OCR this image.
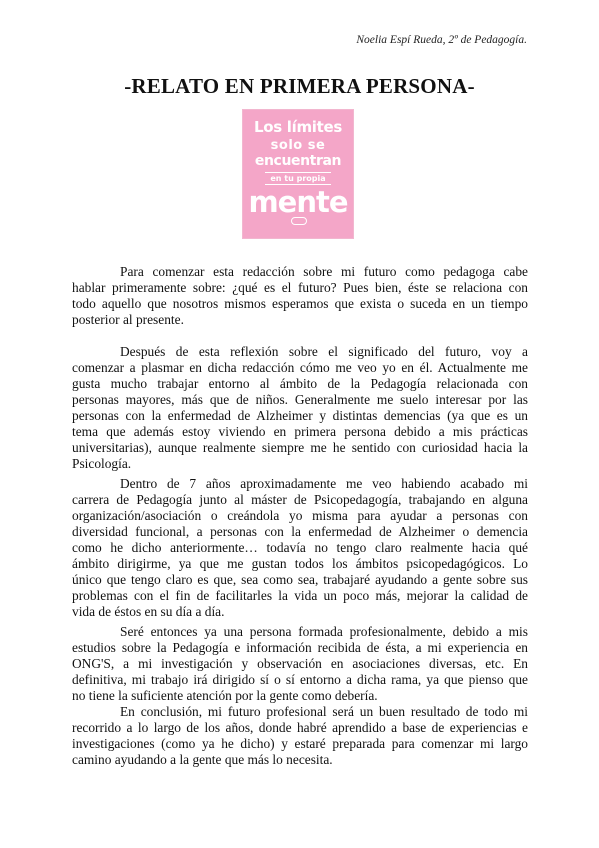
Noelia Espí Rueda, 2º de Pedagogía.
-RELATO EN PRIMERA PERSONA-
Los límites
solo se
encuentran
en tu propia
mente
Para comenzar esta redacción sobre mi futuro como pedagoga cabe
hablar primeramente sobre: ¿qué es el futuro? Pues bien, éste se relaciona con
todo aquello que nosotros mismos esperamos que exista o suceda en un tiempo
posterior al presente.
Después de esta reflexión sobre el significado del futuro, voy a
comenzar a plasmar en dicha redacción cómo me veo yo en él. Actualmente me
gusta mucho trabajar entorno al ámbito de la Pedagogía relacionada con
personas mayores, más que de niños. Generalmente me suelo interesar por las
personas con la enfermedad de Alzheimer y distintas demencias (ya que es un
tema que además estoy viviendo en primera persona debido a mis prácticas
universitarias), aunque realmente siempre me he sentido con curiosidad hacia la
Psicología.
Dentro de 7 años aproximadamente me veo habiendo acabado mi
carrera de Pedagogía junto al máster de Psicopedagogía, trabajando en alguna
organización/asociación o creándola yo misma para ayudar a personas con
diversidad funcional, a personas con la enfermedad de Alzheimer o demencia
como he dicho anteriormente… todavía no tengo claro realmente hacia qué
ámbito dirigirme, ya que me gustan todos los ámbitos psicopedagógicos. Lo
único que tengo claro es que, sea como sea, trabajaré ayudando a gente sobre sus
problemas con el fin de facilitarles la vida un poco más, mejorar la calidad de
vida de éstos en su día a día.
Seré entonces ya una persona formada profesionalmente, debido a mis
estudios sobre la Pedagogía e información recibida de ésta, a mi experiencia en
ONG'S, a mi investigación y observación en asociaciones diversas, etc. En
definitiva, mi trabajo irá dirigido sí o sí entorno a dicha rama, ya que pienso que
no tiene la suficiente atención por la gente como debería.
En conclusión, mi futuro profesional será un buen resultado de todo mi
recorrido a lo largo de los años, donde habré aprendido a base de experiencias e
investigaciones (como ya he dicho) y estaré preparada para comenzar mi largo
camino ayudando a la gente que más lo necesita.
